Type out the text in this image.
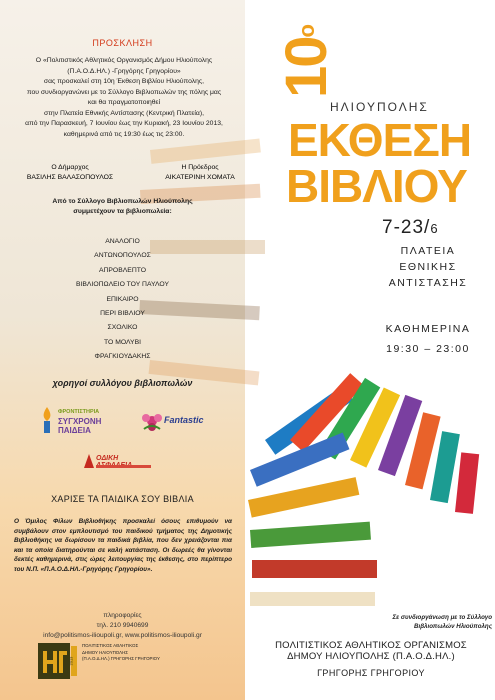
ΠΡΟΣΚΛΗΣΗ
Ο «Πολιτιστικός Αθλητικός Οργανισμός Δήμου Ηλιούπολης
(Π.Α.Ο.Δ.ΗΛ.) -Γρηγόρης Γρηγορίου»
σας προσκαλεί στη 10η Έκθεση Βιβλίου Ηλιούπολης,
που συνδιοργανώνει με το Σύλλογο Βιβλιοπωλών της πόλης μας
και θα πραγματοποιηθεί
στην Πλατεία Εθνικής Αντίστασης (Κεντρική Πλατεία),
από την Παρασκευή, 7 Ιουνίου έως την Κυριακή, 23 Ιουνίου 2013,
καθημερινά από τις 19:30 έως τις 23:00.
Ο Δήμαρχος
ΒΑΣΙΛΗΣ ΒΑΛΑΣΟΠΟΥΛΟΣ
Η Πρόεδρος
ΑΙΚΑΤΕΡΙΝΗ ΧΟΜΑΤΑ
Από το Σύλλογο Βιβλιοπωλών Ηλιούπολης
συμμετέχουν τα βιβλιοπωλεία:
ΑΝΑΛΟΓΙΟ
ΑΝΤΩΝΟΠΟΥΛΟΣ
ΑΠΡΟΒΛΕΠΤΟ
ΒΙΒΛΙΟΠΩΛΕΙΟ ΤΟΥ ΠΑΥΛΟΥ
ΕΠΙΚΑΙΡΟ
ΠΕΡΙ ΒΙΒΛΙΟΥ
ΣΧΟΛΙΚΟ
ΤΟ ΜΟΛΥΒΙ
ΦΡΑΓΚΙΟΥΔΑΚΗΣ
χορηγοί συλλόγου βιβλιοπωλών
ΦΡΟΝΤΙΣΤΗΡΙΑ
ΣΥΓΧΡΟΝΗ ΠΑΙΔΕΙΑ
Fantastic
ΟΔΙΚΗ
ΧΑΡΙΣΕ ΤΑ ΠΑΙΔΙΚΑ ΣΟΥ ΒΙΒΛΙΑ
Ο Όμιλος Φίλων Βιβλιοθήκης προσκαλεί όσους επιθυμούν να συμβάλουν στον εμπλουτισμό του παιδικού τμήματος της Δημοτικής Βιβλιοθήκης να δωρίσουν τα παιδικά βιβλία, που δεν χρειάζονται πια και τα οποία διατηρούνται σε καλή κατάσταση. Οι δωρεές θα γίνονται δεκτές καθημερινά, στις ώρες λειτουργίας της έκθεσης, στο περίπτερο του Ν.Π. «Π.Α.Ο.Δ.ΗΛ.-Γρηγόρης Γρηγορίου».
πληροφορίες
τηλ. 210 9940699
info@politismos-ilioupoli.gr, www.politismos-ilioupoli.gr
2013
ΠΟΛΙΤΙΣΤΙΚΟΣ ΑΘΛΗΤΙΚΟΣ
ΔΗΜΟΥ ΗΛΙΟΥΠΟΛΗΣ
(Π.Α.Ο.Δ.ΗΛ.) ΓΡΗΓΟΡΗΣ ΓΡΗΓΟΡΙΟΥ
$10^o$
ΗΛΙΟΥΠΟΛΗΣ
ΕΚΘΕΣΗ
ΒΙΒΛΙΟΥ
7-23/6
ΠΛΑΤΕΙΑ
ΕΘΝΙΚΗΣ
ΑΝΤΙΣΤΑΣΗΣ
ΚΑΘΗΜΕΡΙΝΑ
19:30 – 23:00
Σε συνδιοργάνωση με το Σύλλογο
Βιβλιοπωλών Ηλιούπολης
ΠΟΛΙΤΙΣΤΙΚΟΣ ΑΘΛΗΤΙΚΟΣ ΟΡΓΑΝΙΣΜΟΣ
ΔΗΜΟΥ ΗΛΙΟΥΠΟΛΗΣ (Π.Α.Ο.Δ.ΗΛ.)
ΓΡΗΓΟΡΗΣ ΓΡΗΓΟΡΙΟΥ
